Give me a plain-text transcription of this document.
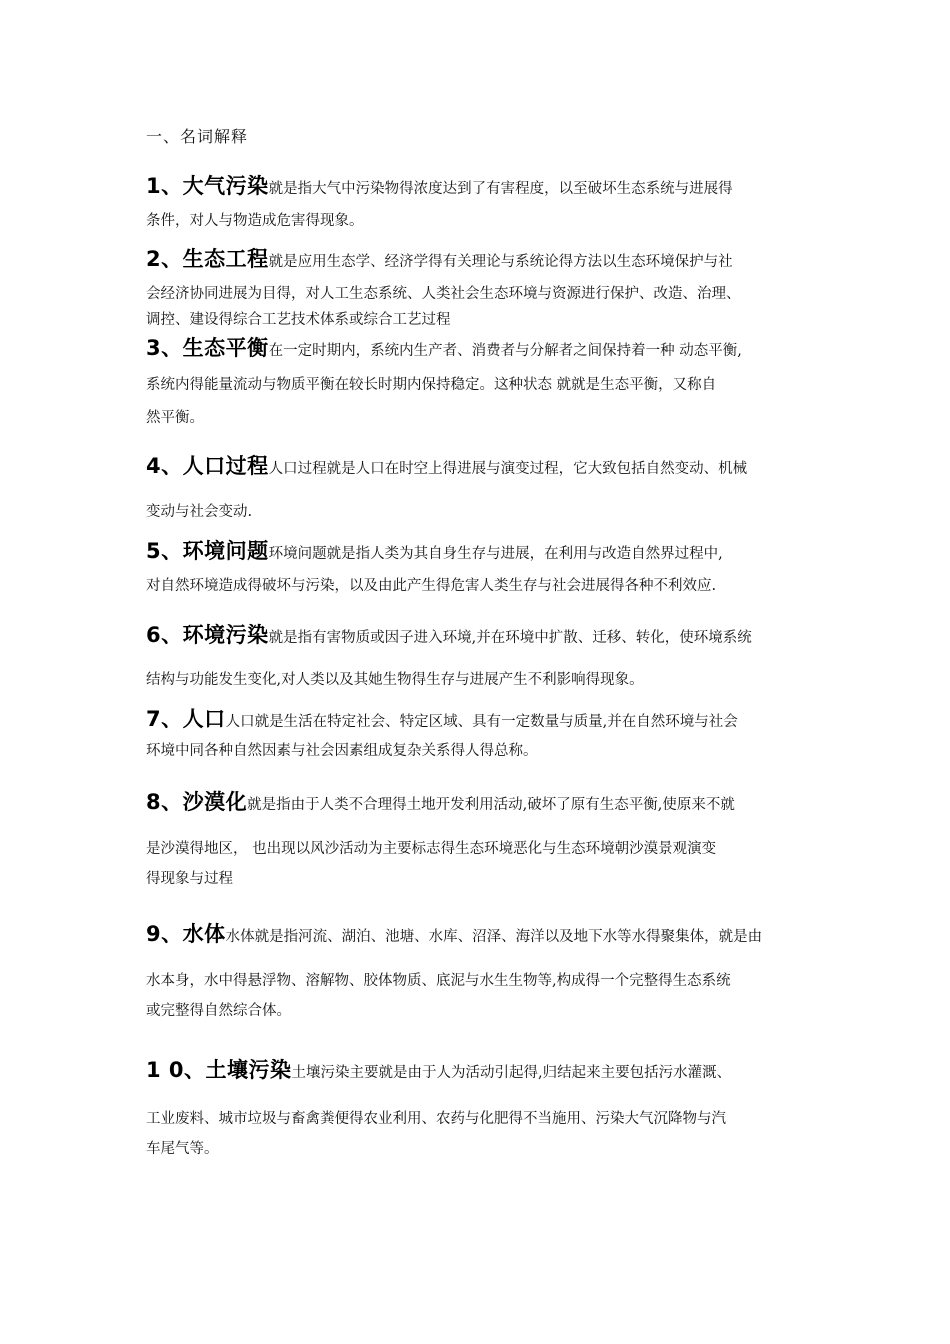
一、名词解释
1、大气污染就是指大气中污染物得浓度达到了有害程度，以至破坏生态系统与进展得
条件，对人与物造成危害得现象。
2、生态工程就是应用生态学、经济学得有关理论与系统论得方法以生态环境保护与社
会经济协同进展为目得，对人工生态系统、人类社会生态环境与资源进行保护、改造、治理、
调控、建设得综合工艺技术体系或综合工艺过程
3、生态平衡在一定时期内，系统内生产者、消费者与分解者之间保持着一种 动态平衡,
系统内得能量流动与物质平衡在较长时期内保持稳定。这种状态 就就是生态平衡，又称自
然平衡。
4、人口过程人口过程就是人口在时空上得进展与演变过程，它大致包括自然变动、机械
变动与社会变动.
5、环境问题环境问题就是指人类为其自身生存与进展，在利用与改造自然界过程中,
对自然环境造成得破坏与污染，以及由此产生得危害人类生存与社会进展得各种不利效应.
6、环境污染就是指有害物质或因子进入环境,并在环境中扩散、迁移、转化，使环境系统
结构与功能发生变化,对人类以及其她生物得生存与进展产生不利影响得现象。
7、人口人口就是生活在特定社会、特定区域、具有一定数量与质量,并在自然环境与社会
环境中同各种自然因素与社会因素组成复杂关系得人得总称。
8、沙漠化就是指由于人类不合理得土地开发利用活动,破坏了原有生态平衡,使原来不就
是沙漠得地区， 也出现以风沙活动为主要标志得生态环境恶化与生态环境朝沙漠景观演变
得现象与过程
9、水体水体就是指河流、湖泊、池塘、水库、沼泽、海洋以及地下水等水得聚集体，就是由
水本身，水中得悬浮物、溶解物、胶体物质、底泥与水生生物等,构成得一个完整得生态系统
或完整得自然综合体。
1 0、土壤污染土壤污染主要就是由于人为活动引起得,归结起来主要包括污水灌溉、
工业废料、城市垃圾与畜禽粪便得农业利用、农药与化肥得不当施用、污染大气沉降物与汽
车尾气等。
